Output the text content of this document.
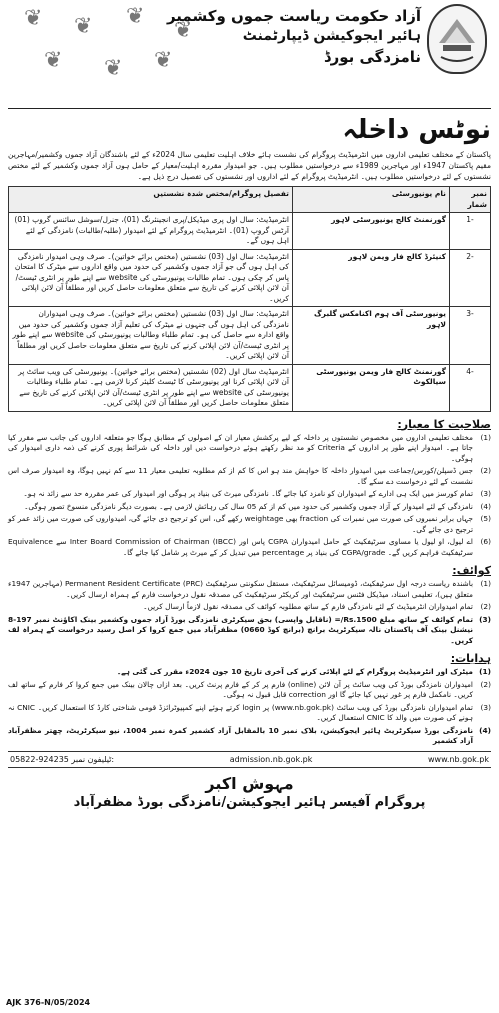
❦ ❦ ❦
❦
❦ ❦ ❦
آزاد حکومت ریاست جموں وکشمیر
ہائیر ایجوکیشن ڈیپارٹمنٹ
نامزدگی بورڈ
نوٹس داخلہ
پاکستان کے مختلف تعلیمی اداروں میں انٹرمیڈیٹ پروگرام کی نشست ہائے خلاف اہلیت تعلیمی سال 2024ء کے لئے باشندگان آزاد جموں وکشمیر/مہاجرین مقیم پاکستان 1947ء اور مہاجرین 1989ء سے درخواستیں مطلوب ہیں۔ جو امیدوار مقررہ اہلیت/معیار کے حامل ہوں آزاد جموں وکشمیر کے لئے مختص نشستوں کے لئے درخواستیں مطلوب ہیں۔ انٹرمیڈیٹ پروگرام کے لئے اداروں اور نشستوں کی تفصیل درج ذیل ہے۔
نمبر شمار	نام یونیورسٹی	تفصیل پروگرام/مختص شدہ نشستیں
-1	گورنمنٹ کالج یونیورسٹی لاہور	انٹرمیڈیٹ: سال اول پری میڈیکل/پری انجینئرنگ (01)، جنرل/سوشل سائنس گروپ (01) آرٹس گروپ (01)۔ انٹرمیڈیٹ پروگرام کے لئے امیدوار (طلبہ/طالبات) نامزدگی کے لئے اہل ہوں گے۔
-2	کنیئرڈ کالج فار ویمن لاہور	انٹرمیڈیٹ: سال اول (03) نشستیں (مختص برائے خواتین)۔ صرف وہی امیدوار نامزدگی کی اہل ہوں گی جو آزاد جموں وکشمیر کی حدود میں واقع اداروں سے میٹرک کا امتحان پاس کر چکی ہوں۔ تمام طالبات یونیورسٹی کی website سے اپنے طور پر انٹری ٹیسٹ/آن لائن اپلائی کرنے کی تاریخ سے متعلق معلومات حاصل کریں اور مطلقاً آن لائن اپلائی کریں۔
-3	یونیورسٹی آف ہوم اکنامکس گلبرگ لاہور	انٹرمیڈیٹ: سال اول (03) نشستیں (مختص برائے خواتین)۔ صرف وہی امیدواران نامزدگی کی اہل ہوں گی جنہوں نے میٹرک کی تعلیم آزاد جموں وکشمیر کی حدود میں واقع ادارہ سے حاصل کی ہو۔ تمام طلباء وطالبات یونیورسٹی کی website سے اپنے طور پر انٹری ٹیسٹ/آن لائن اپلائی کرنے کی تاریخ سے متعلق معلومات حاصل کریں اور مطلقاً آن لائن اپلائی کریں۔
-4	گورنمنٹ کالج فار ویمن یونیورسٹی سیالکوٹ	انٹرمیڈیٹ سال اول (02) نشستیں (مختص برائے خواتین)۔ یونیورسٹی کی ویب سائٹ پر آن لائن اپلائی کرنا اور یونیورسٹی کا ٹیسٹ کلیئر کرنا لازمی ہے۔ تمام طلباء وطالبات یونیورسٹی کی website سے اپنے طور پر انٹری ٹیسٹ/آن لائن اپلائی کرنے کی تاریخ سے متعلق معلومات حاصل کریں اور مطلقاً آن لائن اپلائی کریں۔
صلاحیت کا معیار:
(1)
مختلف تعلیمی اداروں میں مخصوص نشستوں پر داخلہ کے لیے پرکشش معیار ان کے اصولوں کے مطابق ہوگا جو متعلقہ اداروں کی جانب سے مقرر کیا جاتا ہے۔ امیدوار اپنے طور پر اداروں کے Criteria کو مد نظر رکھتے ہوئے درخواست دیں اور داخلہ کی شرائط پوری کرنے کی ذمہ داری امیدوار کی ہوگی۔
(2)
جس ڈسپلن/کورس/جماعت میں امیدوار داخلہ کا خواہش مند ہو اس کا کم از کم مطلوبہ تعلیمی معیار 11 سے کم نہیں ہوگا، وہ امیدوار صرف اس نشست کے لئے درخواست دے سکے گا۔
(3)
تمام کورسز میں ایک ہی ادارے کے امیدواران کو نامزد کیا جائے گا۔ نامزدگی میرٹ کی بنیاد پر ہوگی اور امیدوار کی عمر مقررہ حد سے زائد نہ ہو۔
(4)
نامزدگی کے لئے امیدوار کے آزاد جموں وکشمیر کی حدود میں کم از کم 05 سال کی رہائش لازمی ہے۔ بصورت دیگر نامزدگی منسوخ تصور ہوگی۔
(5)
جہاں برابر نمبروں کی صورت میں نمبرات کی fraction بھی weightage رکھے گی، اس کو ترجیح دی جائے گی، امیدواروں کی صورت میں زائد عمر کو ترجیح دی جائے گی۔
(6)
اے لیول، او لیول یا مساوی سرٹیفکیٹ کے حامل امیدواران CGPA پاس اور Inter Board Commission of Chairman (IBCC) سے Equivalence سرٹیفکیٹ فراہم کریں گے۔ CGPA/grade کی بنیاد پر percentage میں تبدیل کر کے میرٹ پر شامل کیا جائے گا۔
کوائف:
(1)
باشندہ ریاست درجہ اول سرٹیفکیٹ، ڈومیسائل سرٹیفکیٹ، مستقل سکونتی سرٹیفکیٹ Permanent Resident Certificate (PRC) (مہاجرین 1947ء متعلق ہیں)، تعلیمی اسناد، میڈیکل فٹنس سرٹیفکیٹ اور کریکٹر سرٹیفکیٹ کی مصدقہ نقول درخواست فارم کے ہمراہ ارسال کریں۔
(2)
تمام امیدواران انٹرمیڈیٹ کے لئے نامزدگی فارم کے ساتھ مطلوبہ کوائف کی مصدقہ نقول لازماً ارسال کریں۔
(3)
تمام کوائف کے ساتھ مبلغ Rs.1500/= (ناقابل واپسی) بحق سیکرٹری نامزدگی بورڈ آزاد جموں وکشمیر بینک اکاؤنٹ نمبر 197-8 نیشنل بینک آف پاکستان نالہ سیکرٹریٹ برانچ (برانچ کوڈ 0660) مظفرآباد میں جمع کروا کر اصل رسید درخواست کے ہمراہ لف کریں۔
ہدایات:
(1)
میٹرک اور انٹرمیڈیٹ پروگرام کے لئے اپلائی کرنے کی آخری تاریخ 10 جون 2024ء مقرر کی گئی ہے۔
(2)
امیدواران نامزدگی بورڈ کی ویب سائٹ پر آن لائن (online) فارم پر کر کے فارم پرنٹ کریں۔ بعد ازاں چالان بینک میں جمع کروا کر فارم کے ساتھ لف کریں۔ نامکمل فارم پر غور نہیں کیا جائے گا اور correction قابل قبول نہ ہوگی۔
(3)
تمام امیدواران نامزدگی بورڈ کی ویب سائٹ (www.nb.gok.pk) پر login کرتے ہوئے اپنے کمپیوٹرائزڈ قومی شناختی کارڈ کا استعمال کریں۔ CNIC نہ ہونے کی صورت میں والد کا CNIC استعمال کریں۔
(4)
نامزدگی بورڈ سیکرٹریٹ ہائیر ایجوکیشن، بلاک نمبر 10 بالمقابل آزاد کشمیر کمرہ نمبر 1004، نیو سیکرٹریٹ، چھتر مظفرآباد آزاد کشمیر
05822-924235 ٹیلیفون نمبر:	admission.nb.gok.pk	www.nb.gok.pk
مہوش اکبر
پروگرام آفیسر ہائیر ایجوکیشن/نامزدگی بورڈ مظفرآباد
AJK 376-N/05/2024
